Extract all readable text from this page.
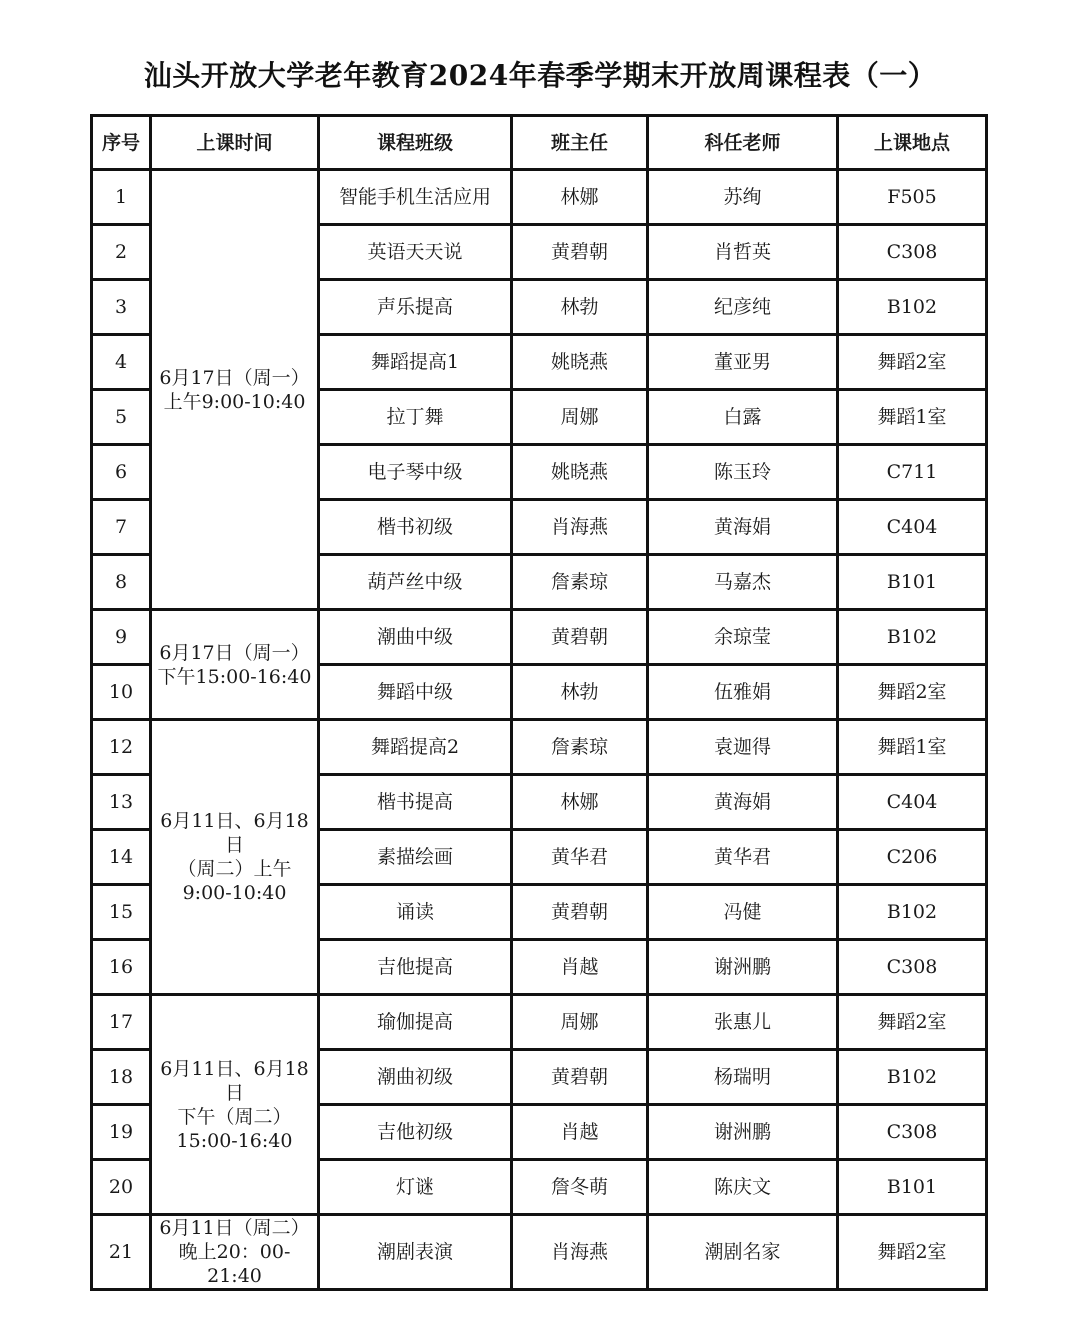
汕头开放大学老年教育2024年春季学期末开放周课程表（一）
序号	上课时间	课程班级	班主任	科任老师	上课地点
1	6月17日（周一）
上午9:00-10:40	智能手机生活应用	林娜	苏绚	F505
2		英语天天说	黄碧朝	肖哲英	C308
3		声乐提高	林勃	纪彦纯	B102
4		舞蹈提高1	姚晓燕	董亚男	舞蹈2室
5		拉丁舞	周娜	白露	舞蹈1室
6		电子琴中级	姚晓燕	陈玉玲	C711
7		楷书初级	肖海燕	黄海娟	C404
8		葫芦丝中级	詹素琼	马嘉杰	B101
9	6月17日（周一）
下午15:00-16:40	潮曲中级	黄碧朝	余琼莹	B102
10		舞蹈中级	林勃	伍雅娟	舞蹈2室
12	6月11日、6月18日
（周二）上午
9:00-10:40	舞蹈提高2	詹素琼	袁迦得	舞蹈1室
13		楷书提高	林娜	黄海娟	C404
14		素描绘画	黄华君	黄华君	C206
15		诵读	黄碧朝	冯健	B102
16		吉他提高	肖越	谢洲鹏	C308
17	6月11日、6月18日
下午（周二）
15:00-16:40	瑜伽提高	周娜	张惠儿	舞蹈2室
18		潮曲初级	黄碧朝	杨瑞明	B102
19		吉他初级	肖越	谢洲鹏	C308
20		灯谜	詹冬萌	陈庆文	B101
21	6月11日（周二）
晚上20：00-21:40	潮剧表演	肖海燕	潮剧名家	舞蹈2室
